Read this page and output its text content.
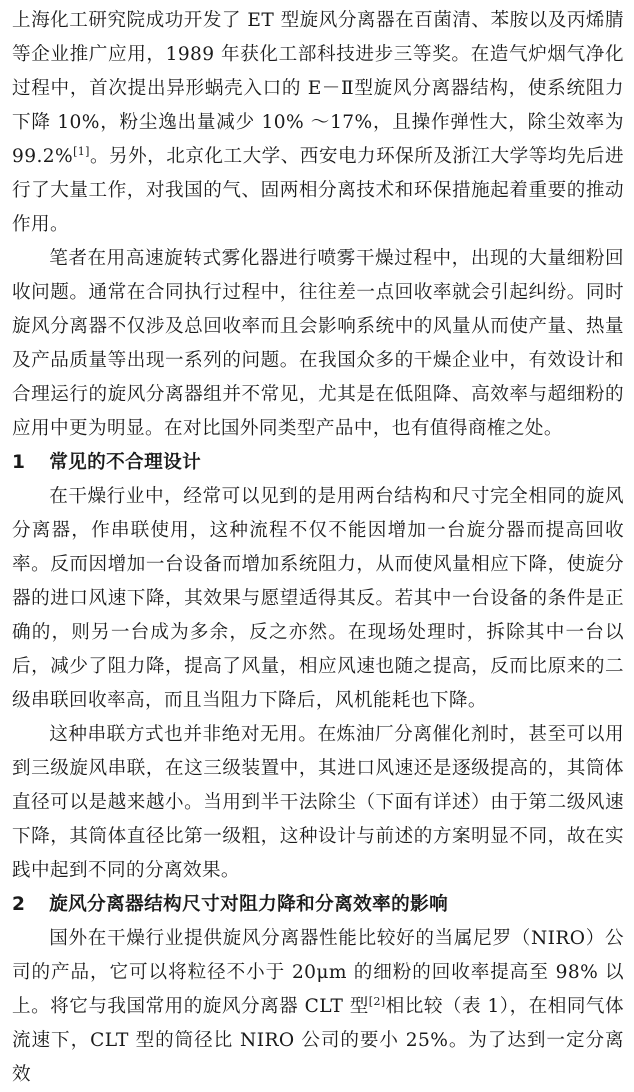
上海化工研究院成功开发了 ET 型旋风分离器在百菌清、苯胺以及丙烯腈等企业推广应用，1989 年获化工部科技进步三等奖。在造气炉烟气净化过程中，首次提出异形蜗壳入口的 E－Ⅱ型旋风分离器结构，使系统阻力下降 10%，粉尘逸出量减少 10% ～17%，且操作弹性大，除尘效率为 99.2%[1]。另外，北京化工大学、西安电力环保所及浙江大学等均先后进行了大量工作，对我国的气、固两相分离技术和环保措施起着重要的推动作用。

笔者在用高速旋转式雾化器进行喷雾干燥过程中，出现的大量细粉回收问题。通常在合同执行过程中，往往差一点回收率就会引起纠纷。同时旋风分离器不仅涉及总回收率而且会影响系统中的风量从而使产量、热量及产品质量等出现一系列的问题。在我国众多的干燥企业中，有效设计和合理运行的旋风分离器组并不常见，尤其是在低阻降、高效率与超细粉的应用中更为明显。在对比国外同类型产品中，也有值得商榷之处。

1 常见的不合理设计

在干燥行业中，经常可以见到的是用两台结构和尺寸完全相同的旋风分离器，作串联使用，这种流程不仅不能因增加一台旋分器而提高回收率。反而因增加一台设备而增加系统阻力，从而使风量相应下降，使旋分器的进口风速下降，其效果与愿望适得其反。若其中一台设备的条件是正确的，则另一台成为多余，反之亦然。在现场处理时，拆除其中一台以后，减少了阻力降，提高了风量，相应风速也随之提高，反而比原来的二级串联回收率高，而且当阻力下降后，风机能耗也下降。

这种串联方式也并非绝对无用。在炼油厂分离催化剂时，甚至可以用到三级旋风串联，在这三级装置中，其进口风速还是逐级提高的，其筒体直径可以是越来越小。当用到半干法除尘（下面有详述）由于第二级风速下降，其筒体直径比第一级粗，这种设计与前述的方案明显不同，故在实践中起到不同的分离效果。

2 旋风分离器结构尺寸对阻力降和分离效率的影响

国外在干燥行业提供旋风分离器性能比较好的当属尼罗（NIRO）公司的产品，它可以将粒径不小于 20μm 的细粉的回收率提高至 98% 以上。将它与我国常用的旋风分离器 CLT 型[2]相比较（表 1），在相同气体流速下，CLT 型的筒径比 NIRO 公司的要小 25%。为了达到一定分离效
